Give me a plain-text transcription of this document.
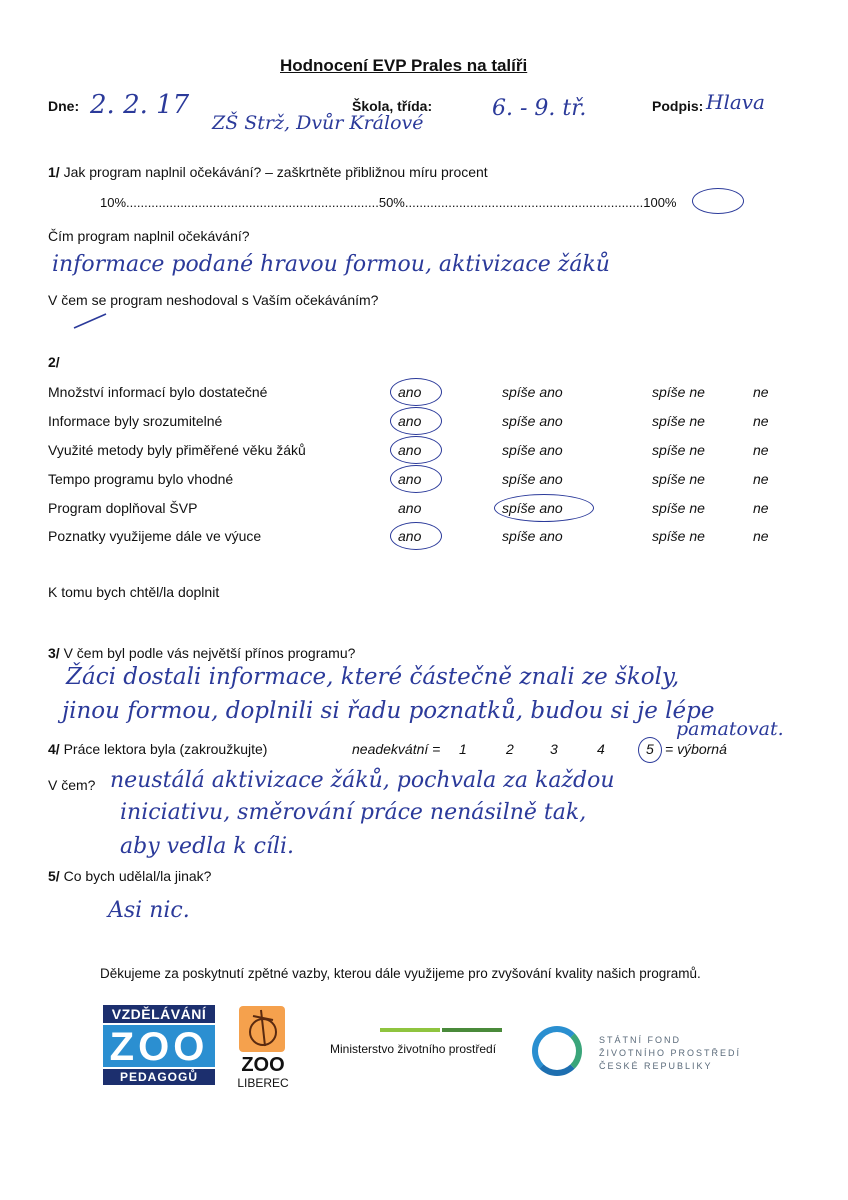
Hodnocení EVP Prales na talíři
Dne: 2. 2. 17	Škola, třída:
ZŠ Strž, Dvůr Králové
6. - 9. tř.	Podpis: Hlava
1/ Jak program naplnil očekávání? – zaškrtněte přibližnou míru procent
10%......................................................................50%..................................................................100%
Čím program naplnil očekávání?
informace podané hravou formou, aktivizace žáků
V čem se program neshodoval s Vaším očekáváním?
2/
Množství informací bylo dostatečné	ano	spíše ano	spíše ne	ne
Informace byly srozumitelné	ano	spíše ano	spíše ne	ne
Využité metody byly přiměřené věku žáků	ano	spíše ano	spíše ne	ne
Tempo programu bylo vhodné	ano	spíše ano	spíše ne	ne
Program doplňoval ŠVP	ano	spíše ano	spíše ne	ne
Poznatky využijeme dále ve výuce	ano	spíše ano	spíše ne	ne
K tomu bych chtěl/la doplnit
3/ V čem byl podle vás největší přínos programu?
Žáci dostali informace, které částečně znali ze školy,
jinou formou, doplnili si řadu poznatků, budou si je lépe
pamatovat.
4/ Práce lektora byla (zakroužkujte)	neadekvátní = 1	2	3	4	5 = výborná
V čem? neustálá aktivizace žáků, pochvala za každou
iniciativu, směrování práce nenásilně tak,
aby vedla k cíli.
5/ Co bych udělal/la jinak?
Asi nic.
Děkujeme za poskytnutí zpětné vazby, kterou dále využijeme pro zvyšování kvality našich programů.
VZDĚLÁVÁNÍ
ZOO
PEDAGOGŮ
ZOO
LIBEREC
Ministerstvo životního prostředí
STÁTNÍ FOND
ŽIVOTNÍHO PROSTŘEDÍ
ČESKÉ REPUBLIKY
